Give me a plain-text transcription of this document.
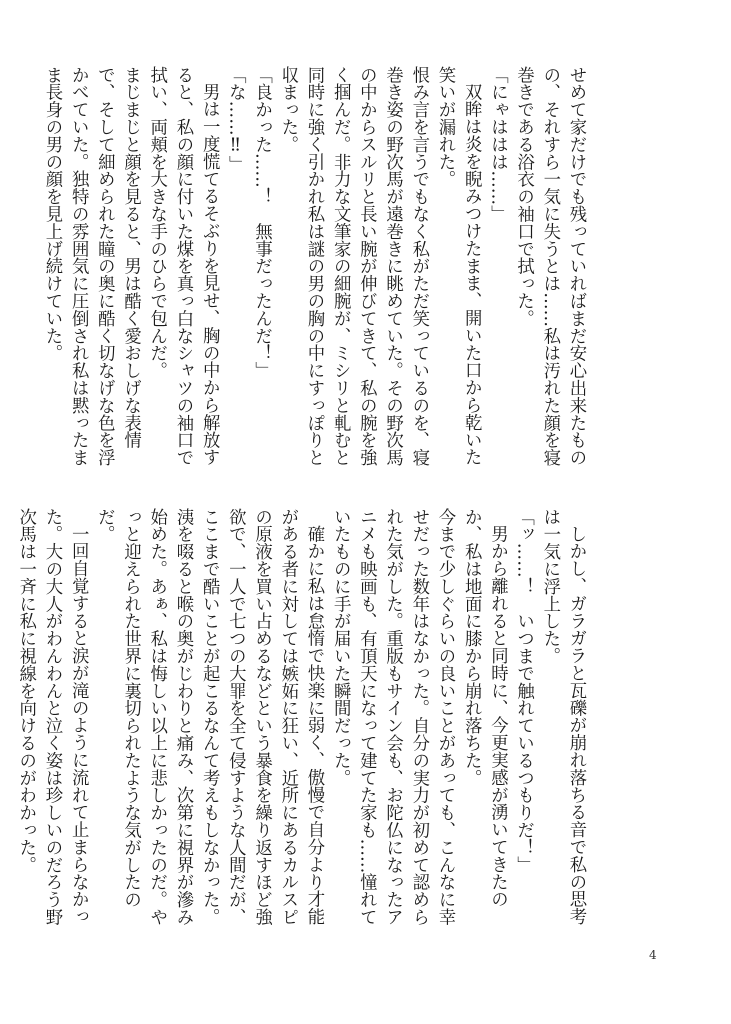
せめて家だけでも残っていればまだ安心出来たものの、それすら一気に失うとは……私は汚れた顔を寝巻きである浴衣の袖口で拭った。

「にゃははは……」

双眸は炎を睨みつけたまま、開いた口から乾いた笑いが漏れた。

恨み言を言うでもなく私がただ笑っているのを、寝巻き姿の野次馬が遠巻きに眺めていた。その野次馬の中からスルリと長い腕が伸びてきて、私の腕を強く掴んだ。非力な文筆家の細腕が、ミシリと軋むと同時に強く引かれ私は謎の男の胸の中にすっぽりと収まった。

「良かった……！　無事だったんだ！」

「な……‼︎」

男は一度慌てるそぶりを見せ、胸の中から解放すると、私の顔に付いた煤を真っ白なシャツの袖口で拭い、両頬を大きな手のひらで包んだ。

まじまじと顔を見ると、男は酷く愛おしげな表情で、そして細められた瞳の奥に酷く切なげな色を浮かべていた。独特の雰囲気に圧倒され私は黙ったまま長身の男の顔を見上げ続けていた。

しかし、ガラガラと瓦礫が崩れ落ちる音で私の思考は一気に浮上した。

「ッ……！　いつまで触れているつもりだ！」

男から離れると同時に、今更実感が湧いてきたのか、私は地面に膝から崩れ落ちた。

今まで少しぐらいの良いことがあっても、こんなに幸せだった数年はなかった。自分の実力が初めて認められた気がした。重版もサイン会も、お陀仏になったアニメも映画も、有頂天になって建てた家も……憧れていたものに手が届いた瞬間だった。

確かに私は怠惰で快楽に弱く、傲慢で自分より才能がある者に対しては嫉妬に狂い、近所にあるカルスピの原液を買い占めるなどという暴食を繰り返すほど強欲で、一人で七つの大罪を全て侵すような人間だが、ここまで酷いことが起こるなんて考えもしなかった。洟を啜ると喉の奥がじわりと痛み、次第に視界が滲み始めた。あぁ、私は悔しい以上に悲しかったのだ。やっと迎えられた世界に裏切られたような気がしたのだ。

一回自覚すると涙が滝のように流れて止まらなかった。大の大人がわんわんと泣く姿は珍しいのだろう野次馬は一斉に私に視線を向けるのがわかった。

4
